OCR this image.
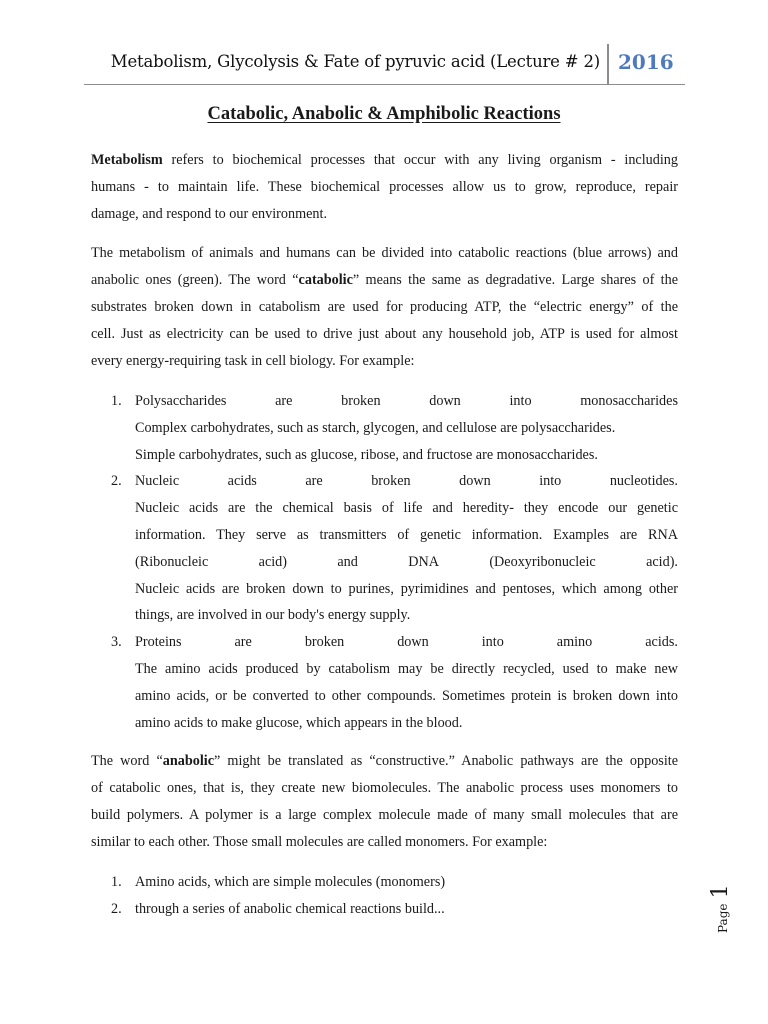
Metabolism, Glycolysis & Fate of pyruvic acid (Lecture # 2) 2016
Catabolic, Anabolic & Amphibolic Reactions
Metabolism refers to biochemical processes that occur with any living organism - including
humans - to maintain life. These biochemical processes allow us to grow, reproduce, repair
damage, and respond to our environment.
The metabolism of animals and humans can be divided into catabolic reactions (blue arrows) and
anabolic ones (green). The word “catabolic” means the same as degradative. Large shares of the
substrates broken down in catabolism are used for producing ATP, the “electric energy” of the
cell. Just as electricity can be used to drive just about any household job, ATP is used for almost
every energy-requiring task in cell biology. For example:
1. Polysaccharides	are	broken	down	into	monosaccharides
Complex carbohydrates, such as starch, glycogen, and cellulose are polysaccharides.
Simple carbohydrates, such as glucose, ribose, and fructose are monosaccharides.
2. Nucleic	acids	are	broken	down	into	nucleotides.
Nucleic acids are the chemical basis of life and heredity- they encode our genetic
information. They serve as transmitters of genetic information. Examples are RNA
(Ribonucleic	acid)	and	DNA	(Deoxyribonucleic	acid).
Nucleic acids are broken down to purines, pyrimidines and pentoses, which among other
things, are involved in our body's energy supply.
3. Proteins	are	broken	down	into	amino	acids.
The amino acids produced by catabolism may be directly recycled, used to make new
amino acids, or be converted to other compounds. Sometimes protein is broken down into
amino acids to make glucose, which appears in the blood.
The word “anabolic” might be translated as “constructive.” Anabolic pathways are the opposite
of catabolic ones, that is, they create new biomolecules. The anabolic process uses monomers to
build polymers. A polymer is a large complex molecule made of many small molecules that are
similar to each other. Those small molecules are called monomers. For example:
1. Amino acids, which are simple molecules (monomers)
2. through a series of anabolic chemical reactions build...	Page 1
